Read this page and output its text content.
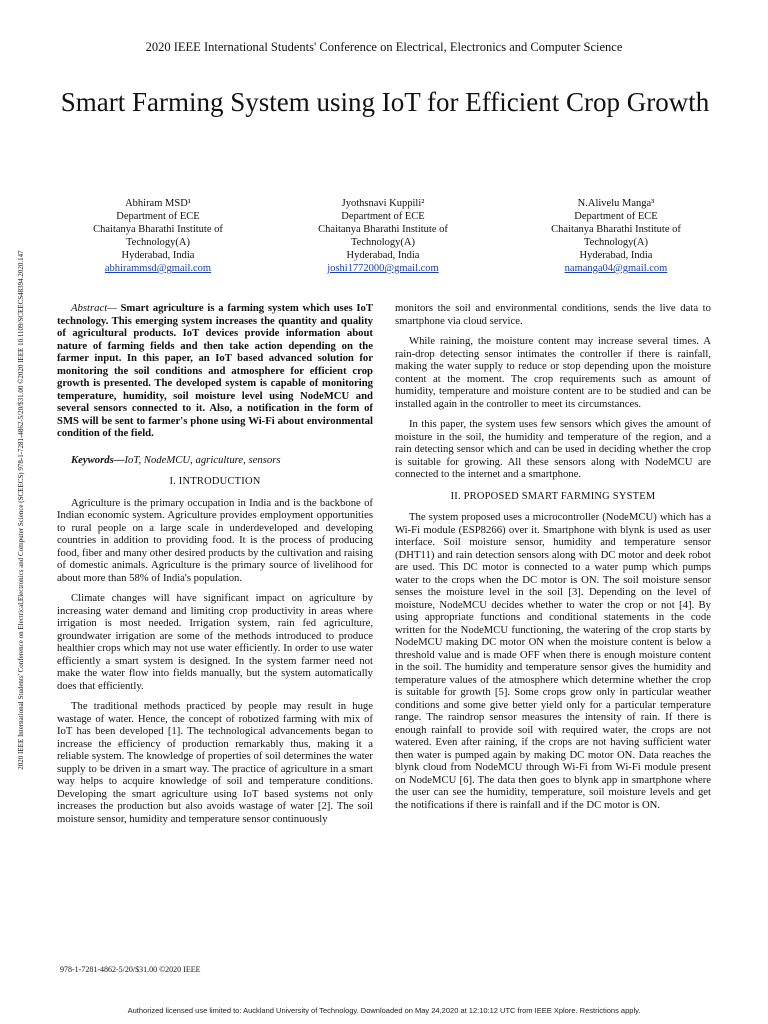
2020 IEEE International Students' Conference on Electrical, Electronics and Computer Science
Smart Farming System using IoT for Efficient Crop Growth
2020 IEEE International Students' Conference on Electrical,Electronics and Computer Science (SCEECS) 978-1-7281-4862-5/20/$31.00 ©2020 IEEE 10.1109/SCEECS48394.2020.147
Abhiram MSD¹
Department of ECE
Chaitanya Bharathi Institute of
Technology(A)
Hyderabad, India
abhirammsd@gmail.com
Jyothsnavi Kuppili²
Department of ECE
Chaitanya Bharathi Institute of
Technology(A)
Hyderabad, India
joshi1772000@gmail.com
N.Alivelu Manga³
Department of ECE
Chaitanya Bharathi Institute of
Technology(A)
Hyderabad, India
namanga04@gmail.com

Abstract— Smart agriculture is a farming system which uses IoT technology. This emerging system increases the quantity and quality of agricultural products. IoT devices provide information about nature of farming fields and then take action depending on the farmer input. In this paper, an IoT based advanced solution for monitoring the soil conditions and atmosphere for efficient crop growth is presented. The developed system is capable of monitoring temperature, humidity, soil moisture level using NodeMCU and several sensors connected to it. Also, a notification in the form of SMS will be sent to farmer's phone using Wi-Fi about environmental condition of the field.

Keywords—IoT, NodeMCU, agriculture, sensors

I. INTRODUCTION

Agriculture is the primary occupation in India and is the backbone of Indian economic system. Agriculture provides employment opportunities to rural people on a large scale in underdeveloped and developing countries in addition to providing food. It is the process of producing food, fiber and many other desired products by the cultivation and raising of domestic animals. Agriculture is the primary source of livelihood for about more than 58% of India's population.

Climate changes will have significant impact on agriculture by increasing water demand and limiting crop productivity in areas where irrigation is most needed. Irrigation system, rain fed agriculture, groundwater irrigation are some of the methods introduced to produce healthier crops which may not use water efficiently. In order to use water efficiently a smart system is designed. In the system farmer need not make the water flow into fields manually, but the system automatically does that efficiently.

The traditional methods practiced by people may result in huge wastage of water. Hence, the concept of robotized farming with mix of IoT has been developed [1]. The technological advancements began to increase the efficiency of production remarkably thus, making it a reliable system. The knowledge of properties of soil determines the water supply to be driven in a smart way. The practice of agriculture in a smart way helps to acquire knowledge of soil and temperature conditions. Developing the smart agriculture using IoT based systems not only increases the production but also avoids wastage of water [2]. The soil moisture sensor, humidity and temperature sensor continuously

monitors the soil and environmental conditions, sends the live data to smartphone via cloud service.

While raining, the moisture content may increase several times. A rain-drop detecting sensor intimates the controller if there is rainfall, making the water supply to reduce or stop depending upon the moisture content at the moment. The crop requirements such as amount of humidity, temperature and moisture content are to be studied and can be installed again in the controller to meet its circumstances.

In this paper, the system uses few sensors which gives the amount of moisture in the soil, the humidity and temperature of the region, and a rain detecting sensor which and can be used in deciding whether the crop is suitable for growing. All these sensors along with NodeMCU are connected to the internet and a smartphone.

II. PROPOSED SMART FARMING SYSTEM

The system proposed uses a microcontroller (NodeMCU) which has a Wi-Fi module (ESP8266) over it. Smartphone with blynk is used as user interface. Soil moisture sensor, humidity and temperature sensor (DHT11) and rain detection sensors along with DC motor and deek robot are used. This DC motor is connected to a water pump which pumps water to the crops when the DC motor is ON. The soil moisture sensor senses the moisture level in the soil [3]. Depending on the level of moisture, NodeMCU decides whether to water the crop or not [4]. By using appropriate functions and conditional statements in the code written for the NodeMCU functioning, the watering of the crop starts by NodeMCU making DC motor ON when the moisture content is below a threshold value and is made OFF when there is enough moisture content in the soil. The humidity and temperature sensor gives the humidity and temperature values of the atmosphere which determine whether the crop is suitable for growth [5]. Some crops grow only in particular weather conditions and some give better yield only for a particular temperature range. The raindrop sensor measures the intensity of rain. If there is enough rainfall to provide soil with required water, the crops are not watered. Even after raining, if the crops are not having sufficient water then water is pumped again by making DC motor ON. Data reaches the blynk cloud from NodeMCU through Wi-Fi from Wi-Fi module present on NodeMCU [6]. The data then goes to blynk app in smartphone where the user can see the humidity, temperature, soil moisture levels and get the notifications if there is rainfall and if the DC motor is ON.

978-1-7281-4862-5/20/$31.00 ©2020 IEEE
Authorized licensed use limited to: Auckland University of Technology. Downloaded on May 24,2020 at 12:10:12 UTC from IEEE Xplore. Restrictions apply.
